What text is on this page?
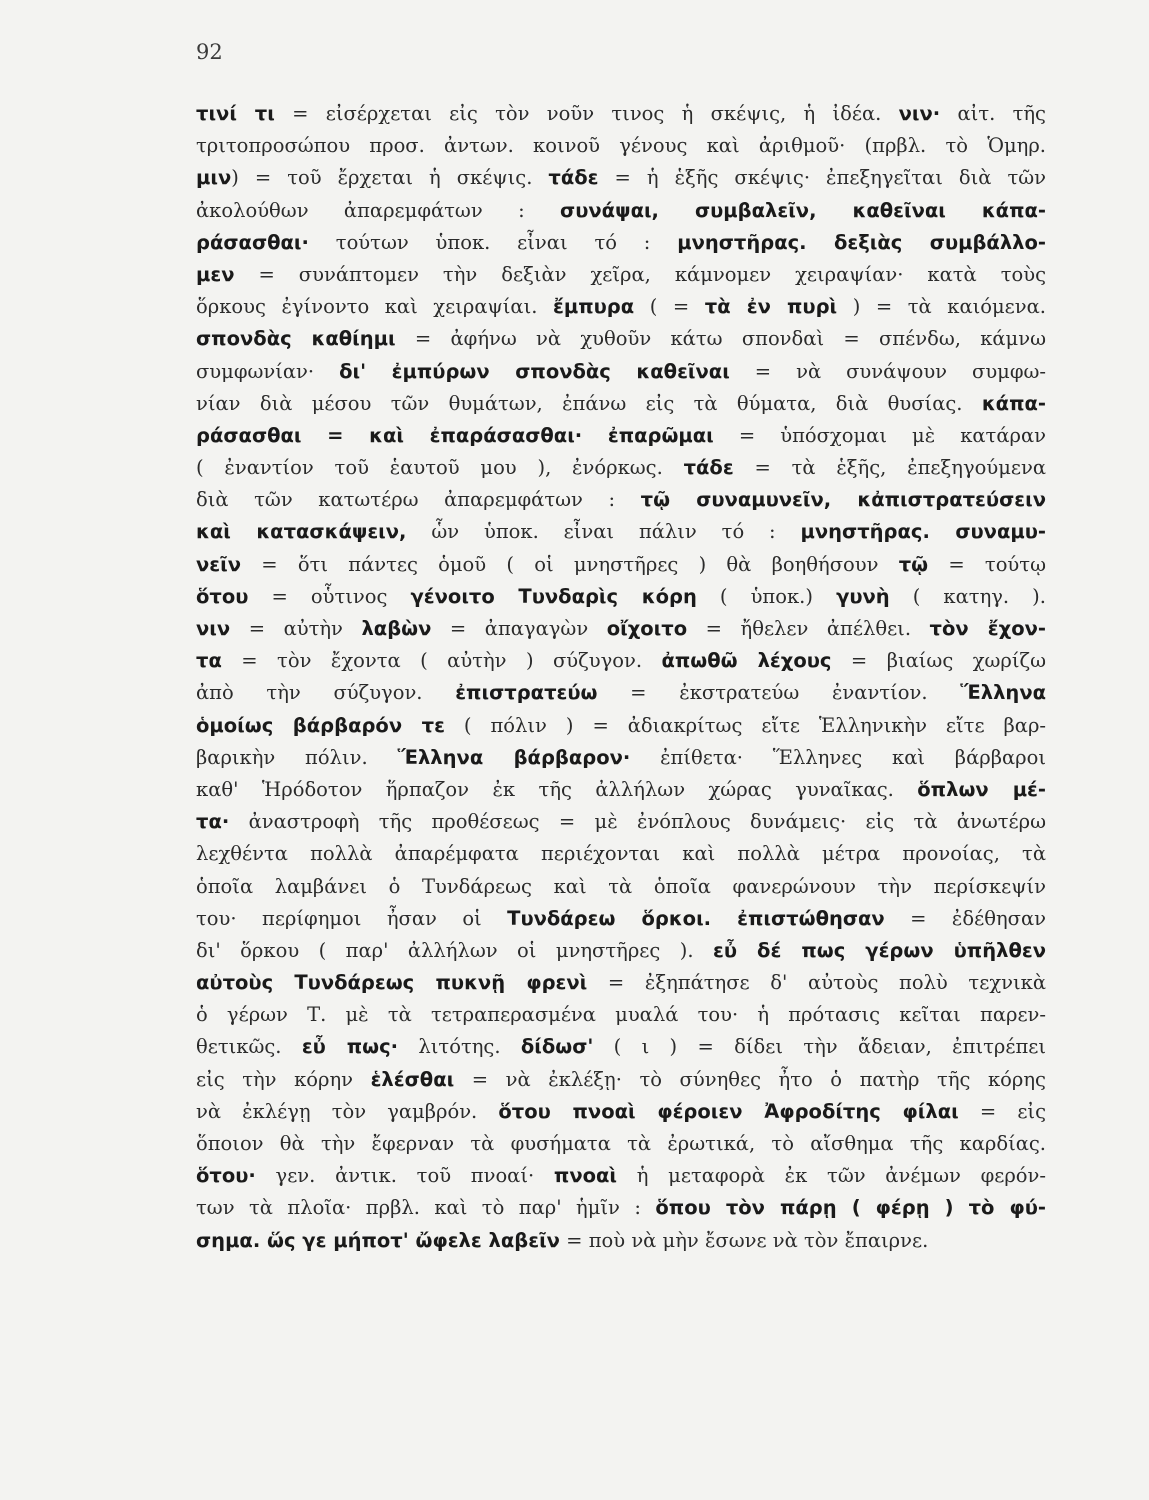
92
τινί τι = εἰσέρχεται εἰς τὸν νοῦν τινος ἡ σκέψις, ἡ ἰδέα. νιν· αἰτ. τῆς
τριτοπροσώπου προσ. ἀντων. κοινοῦ γένους καὶ ἀριθμοῦ· (πρβλ. τὸ Ὁμηρ.
μιν) = τοῦ ἔρχεται ἡ σκέψις. τάδε = ἡ ἑξῆς σκέψις· ἐπεξηγεῖται διὰ τῶν
ἀκολούθων ἀπαρεμφάτων : συνάψαι, συμβαλεῖν, καθεῖναι κάπα-
ράσασθαι· τούτων ὑποκ. εἶναι τό : μνηστῆρας. δεξιὰς συμβάλλο-
μεν = συνάπτομεν τὴν δεξιὰν χεῖρα, κάμνομεν χειραψίαν· κατὰ τοὺς
ὅρκους ἐγίνοντο καὶ χειραψίαι. ἔμπυρα ( = τὰ ἐν πυρὶ ) = τὰ καιόμενα.
σπονδὰς καθίημι = ἀφήνω νὰ χυθοῦν κάτω σπονδαὶ = σπένδω, κάμνω
συμφωνίαν· δι' ἐμπύρων σπονδὰς καθεῖναι = νὰ συνάψουν συμφω-
νίαν διὰ μέσου τῶν θυμάτων, ἐπάνω εἰς τὰ θύματα, διὰ θυσίας. κάπα-
ράσασθαι = καὶ ἐπαράσασθαι· ἐπαρῶμαι = ὑπόσχομαι μὲ κατάραν
( ἐναντίον τοῦ ἑαυτοῦ μου ), ἐνόρκως. τάδε = τὰ ἑξῆς, ἐπεξηγούμενα
διὰ τῶν κατωτέρω ἀπαρεμφάτων : τῷ συναμυνεῖν, κἀπιστρατεύσειν
καὶ κατασκάψειν, ὧν ὑποκ. εἶναι πάλιν τό : μνηστῆρας. συναμυ-
νεῖν = ὅτι πάντες ὁμοῦ ( οἱ μνηστῆρες ) θὰ βοηθήσουν τῷ = τούτῳ
ὅτου = οὗτινος γένοιτο Τυνδαρὶς κόρη ( ὑποκ.) γυνὴ ( κατηγ. ).
νιν = αὐτὴν λαβὼν = ἀπαγαγὼν οἴχοιτο = ἤθελεν ἀπέλθει. τὸν ἔχον-
τα = τὸν ἔχοντα ( αὐτὴν ) σύζυγον. ἀπωθῶ λέχους = βιαίως χωρίζω
ἀπὸ τὴν σύζυγον. ἐπιστρατεύω = ἐκστρατεύω ἐναντίον. Ἕλληνα
ὁμοίως βάρβαρόν τε ( πόλιν ) = ἀδιακρίτως εἴτε Ἑλληνικὴν εἴτε βαρ-
βαρικὴν πόλιν. Ἕλληνα βάρβαρον· ἐπίθετα· Ἕλληνες καὶ βάρβαροι
καθ' Ἡρόδοτον ἥρπαζον ἐκ τῆς ἀλλήλων χώρας γυναῖκας. ὅπλων μέ-
τα· ἀναστροφὴ τῆς προθέσεως = μὲ ἐνόπλους δυνάμεις· εἰς τὰ ἀνωτέρω
λεχθέντα πολλὰ ἀπαρέμφατα περιέχονται καὶ πολλὰ μέτρα προνοίας, τὰ
ὁποῖα λαμβάνει ὁ Τυνδάρεως καὶ τὰ ὁποῖα φανερώνουν τὴν περίσκεψίν
του· περίφημοι ἦσαν οἱ Τυνδάρεω ὅρκοι. ἐπιστώθησαν = ἐδέθησαν
δι' ὅρκου ( παρ' ἀλλήλων οἱ μνηστῆρες ). εὖ δέ πως γέρων ὑπῆλθεν
αὐτοὺς Τυνδάρεως πυκνῇ φρενὶ = ἐξηπάτησε δ' αὐτοὺς πολὺ τεχνικὰ
ὁ γέρων Τ. μὲ τὰ τετραπερασμένα μυαλά του· ἡ πρότασις κεῖται παρεν-
θετικῶς. εὖ πως· λιτότης. δίδωσ' ( ι ) = δίδει τὴν ἄδειαν, ἐπιτρέπει
εἰς τὴν κόρην ἑλέσθαι = νὰ ἐκλέξῃ· τὸ σύνηθες ἦτο ὁ πατὴρ τῆς κόρης
νὰ ἐκλέγῃ τὸν γαμβρόν. ὅτου πνοαὶ φέροιεν Ἀφροδίτης φίλαι = εἰς
ὅποιον θὰ τὴν ἔφερναν τὰ φυσήματα τὰ ἐρωτικά, τὸ αἴσθημα τῆς καρδίας.
ὅτου· γεν. ἀντικ. τοῦ πνοαί· πνοαὶ ἡ μεταφορὰ ἐκ τῶν ἀνέμων φερόν-
των τὰ πλοῖα· πρβλ. καὶ τὸ παρ' ἡμῖν : ὅπου τὸν πάρῃ ( φέρῃ ) τὸ φύ-
σημα. ὥς γε μήποτ' ὤφελε λαβεῖν = ποὺ νὰ μὴν ἔσωνε νὰ τὸν ἔπαιρνε.
